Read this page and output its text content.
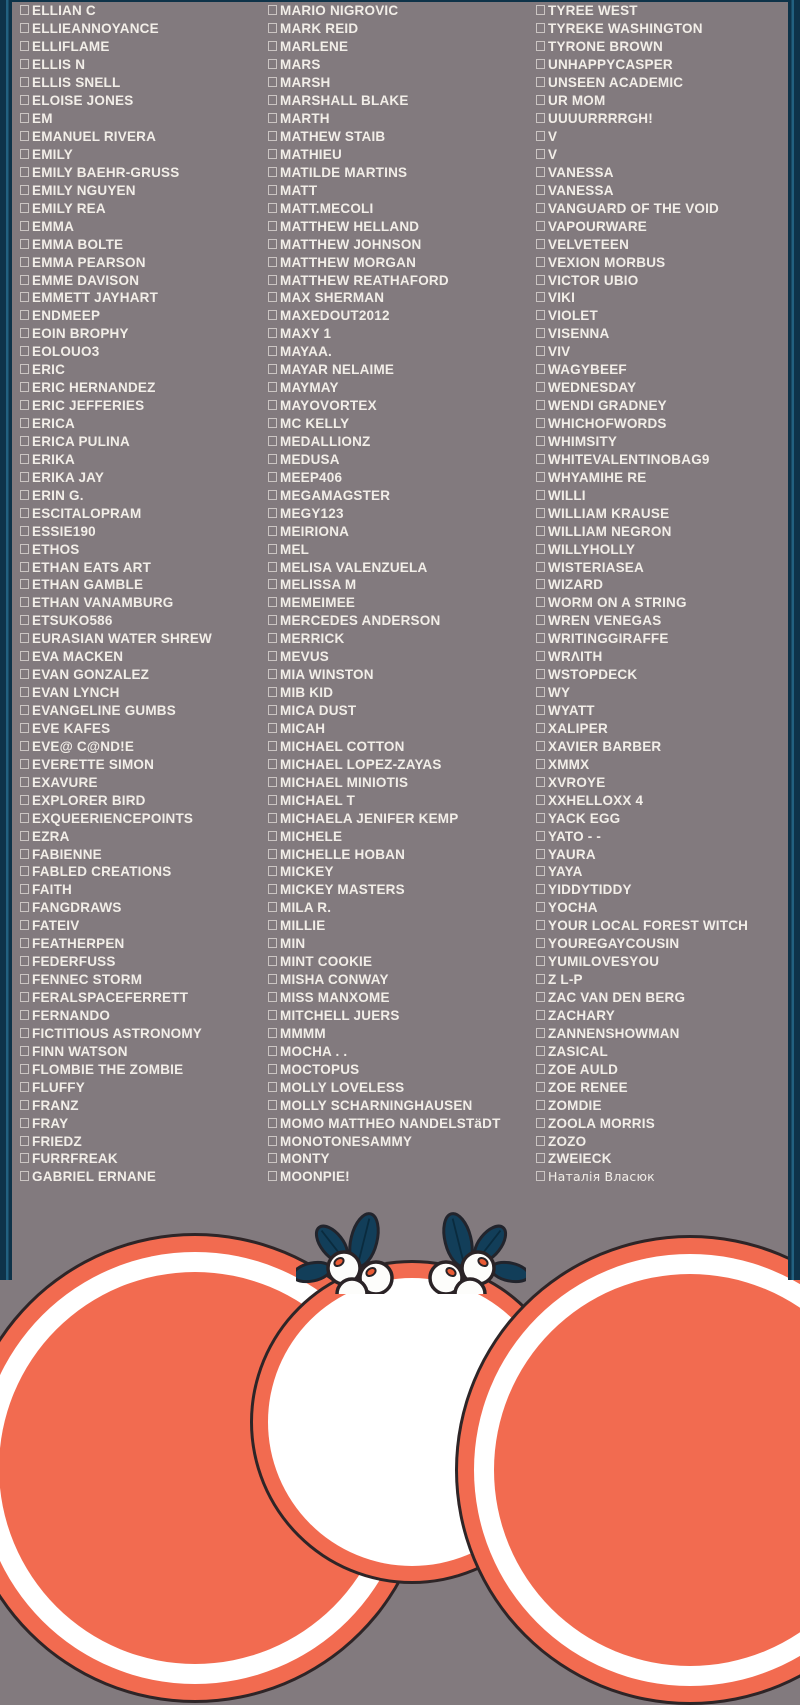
ELLIAN C
ELLIEANNOYANCE
ELLIFLAME
ELLIS N
ELLIS SNELL
ELOISE JONES
EM
EMANUEL RIVERA
EMILY
EMILY BAEHR-GRUSS
EMILY NGUYEN
EMILY REA
EMMA
EMMA BOLTE
EMMA PEARSON
EMME DAVISON
EMMETT JAYHART
ENDMEEP
EOIN BROPHY
EOLOUO3
ERIC
ERIC HERNANDEZ
ERIC JEFFERIES
ERICA
ERICA PULINA
ERIKA
ERIKA JAY
ERIN G.
ESCITALOPRAM
ESSIE190
ETHOS
ETHAN EATS ART
ETHAN GAMBLE
ETHAN VANAMBURG
ETSUKO586
EURASIAN WATER SHREW
EVA MACKEN
EVAN GONZALEZ
EVAN LYNCH
EVANGELINE GUMBS
EVE KAFES
EVE@ C@ND!E
EVERETTE SIMON
EXAVURE
EXPLORER BIRD
EXQUEERIENCEPOINTS
EZRA
FABIENNE
FABLED CREATIONS
FAITH
FANGDRAWS
FATEIV
FEATHERPEN
FEDERFUSS
FENNEC STORM
FERALSPACEFERRETT
FERNANDO
FICTITIOUS ASTRONOMY
FINN WATSON
FLOMBIE THE ZOMBIE
FLUFFY
FRANZ
FRAY
FRIEDZ
FURRFREAK
GABRIEL ERNANE
MARIO NIGROVIC
MARK REID
MARLENE
MARS
MARSH
MARSHALL BLAKE
MARTH
MATHEW STAIB
MATHIEU
MATILDE MARTINS
MATT
MATT.MECOLI
MATTHEW HELLAND
MATTHEW JOHNSON
MATTHEW MORGAN
MATTHEW REATHAFORD
MAX SHERMAN
MAXEDOUT2012
MAXY 1
MAYAA.
MAYAR NELAIME
MAYMAY
MAYOVORTEX
MC KELLY
MEDALLIONZ
MEDUSA
MEEP406
MEGAMAGSTER
MEGY123
MEIRIONA
MEL
MELISA VALENZUELA
MELISSA M
MEMEIMEE
MERCEDES ANDERSON
MERRICK
MEVUS
MIA WINSTON
MIB KID
MICA DUST
MICAH
MICHAEL COTTON
MICHAEL LOPEZ-ZAYAS
MICHAEL MINIOTIS
MICHAEL T
MICHAELA JENIFER KEMP
MICHELE
MICHELLE HOBAN
MICKEY
MICKEY MASTERS
MILA R.
MILLIE
MIN
MINT COOKIE
MISHA CONWAY
MISS MANXOME
MITCHELL JUERS
MMMM
MOCHA . .
MOCTOPUS
MOLLY LOVELESS
MOLLY SCHARNINGHAUSEN
MOMO MATTHEO NANDELSTäDT
MONOTONESAMMY
MONTY
MOONPIE!
TYREE WEST
TYREKE WASHINGTON
TYRONE BROWN
UNHAPPYCASPER
UNSEEN ACADEMIC
UR MOM
UUUURRRRGH!
V
V
VANESSA
VANESSA
VANGUARD OF THE VOID
VAPOURWARE
VELVETEEN
VEXION MORBUS
VICTOR UBIO
VIKI
VIOLET
VISENNA
VIV
WAGYBEEF
WEDNESDAY
WENDI GRADNEY
WHICHOFWORDS
WHIMSITY
WHITEVALENTINOBAG9
WHYAMIHE RE
WILLI
WILLIAM KRAUSE
WILLIAM NEGRON
WILLYHOLLY
WISTERIASEA
WIZARD
WORM ON A STRING
WREN VENEGAS
WRITINGGIRAFFE
WRΛITH
WSTOPDECK
WY
WYATT
XALIPER
XAVIER BARBER
XMMX
XVROYE
XXHELLOXX 4
YACK EGG
YATO - -
YAURA
YAYA
YIDDYTIDDY
YOCHA
YOUR LOCAL FOREST WITCH
YOUREGAYCOUSIN
YUMILOVESYOU
Z L-P
ZAC VAN DEN BERG
ZACHARY
ZANNENSHOWMAN
ZASICAL
ZOE AULD
ZOE RENEE
ZOMDIE
ZOOLA MORRIS
ZOZO
ZWEIECK
Наталія Власюк
